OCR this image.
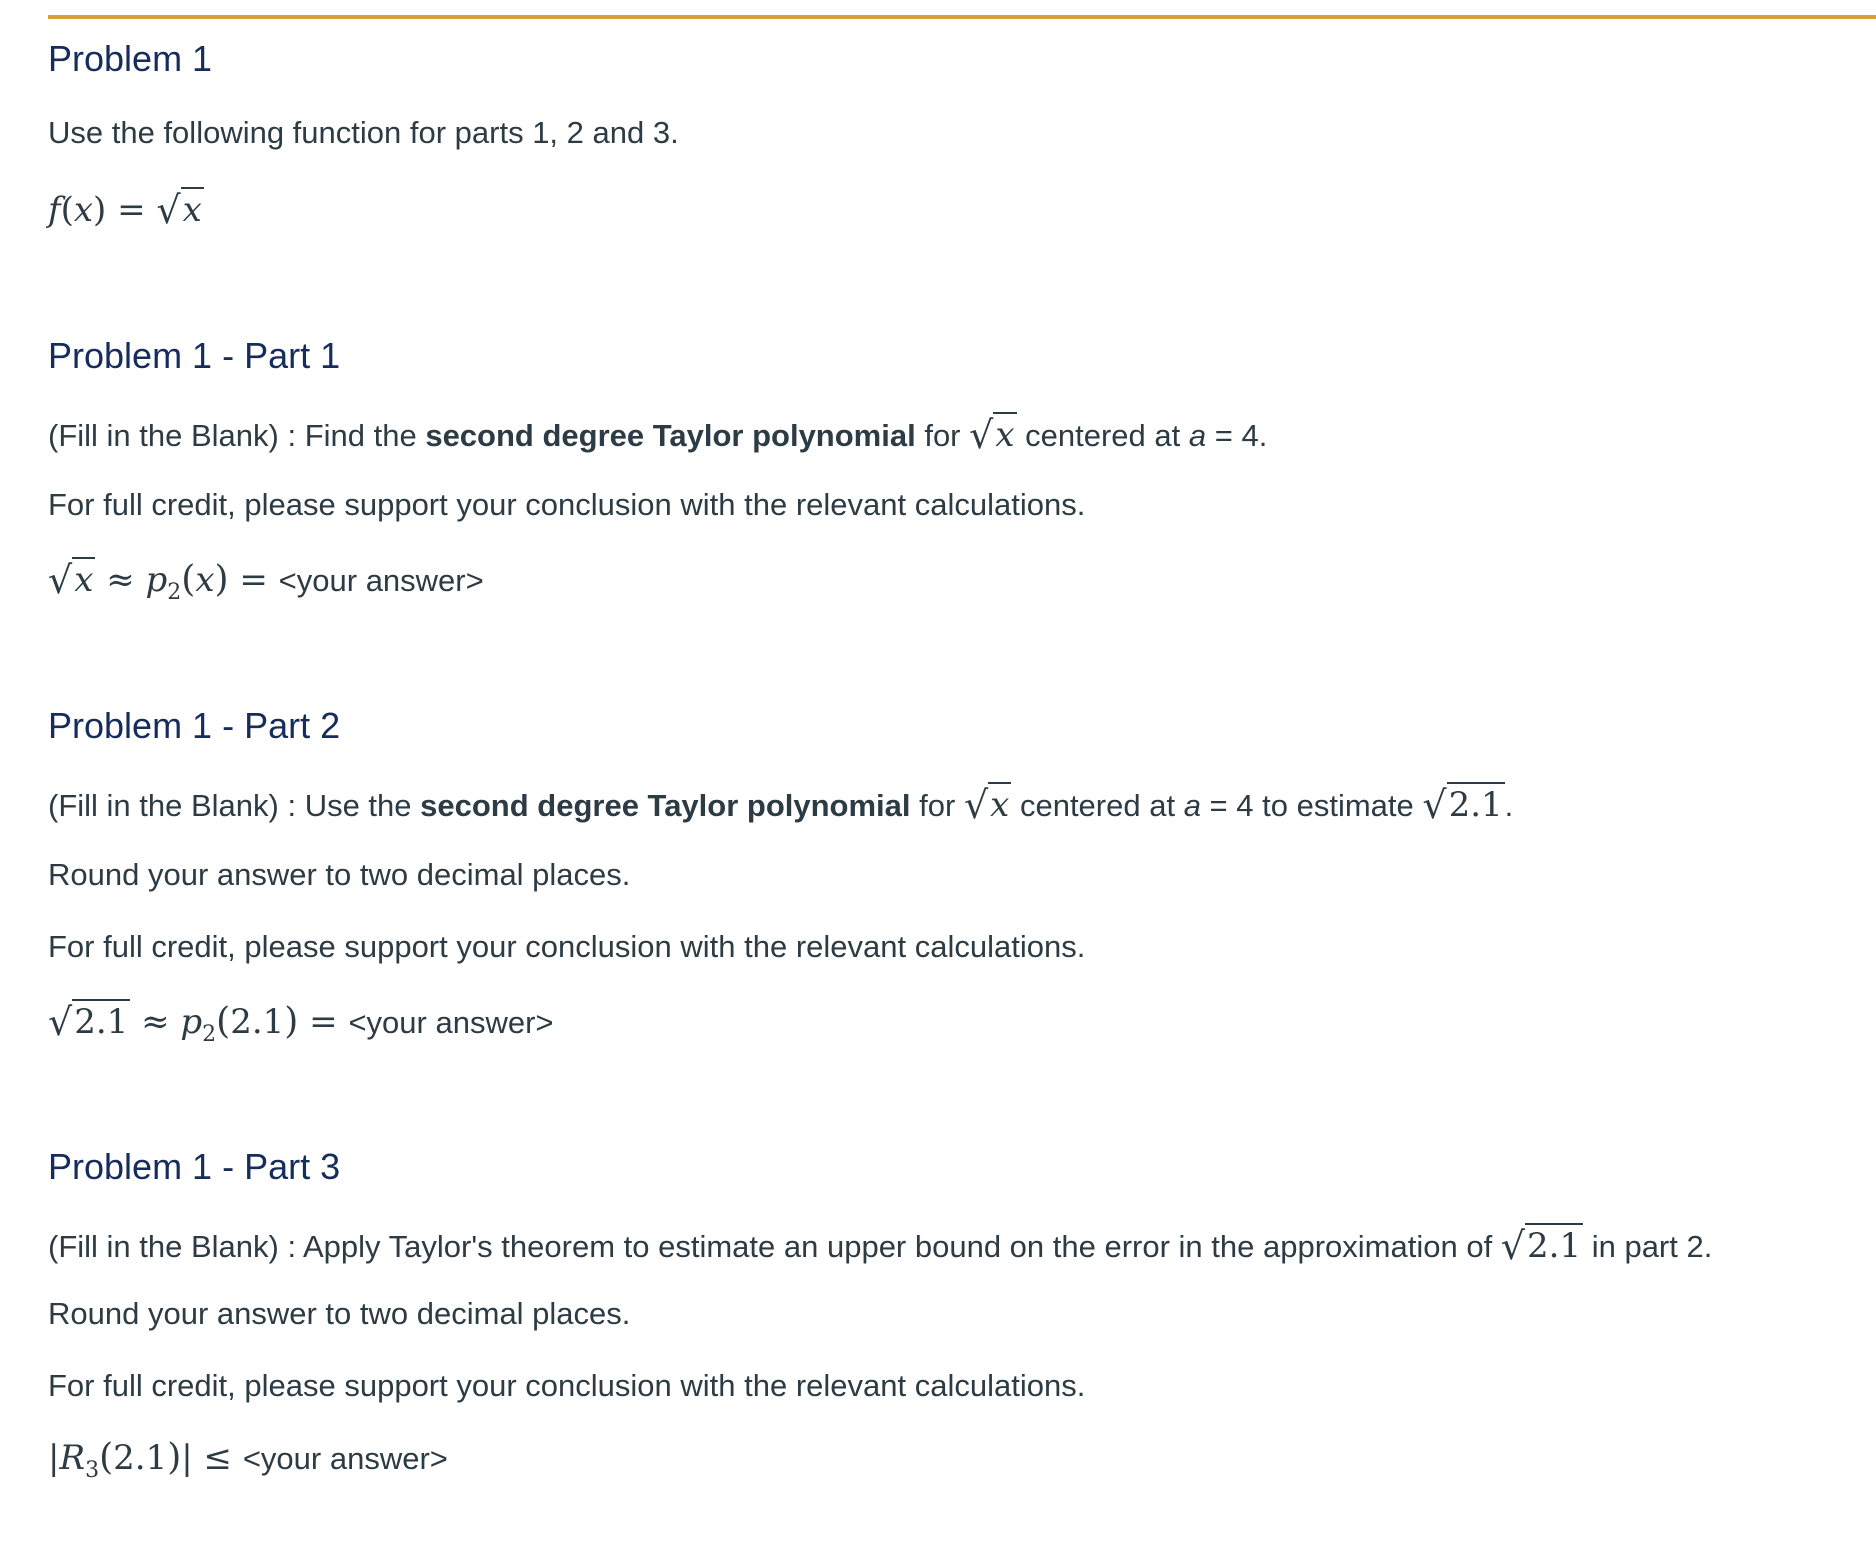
Problem 1
Use the following function for parts 1, 2 and 3.
f(x) = √x
Problem 1 - Part 1
(Fill in the Blank) : Find the second degree Taylor polynomial for √x centered at a = 4.
For full credit, please support your conclusion with the relevant calculations.
$√x \approx p_2(x)$ = <your answer>
Problem 1 - Part 2
(Fill in the Blank) : Use the second degree Taylor polynomial for √x centered at a = 4 to estimate √2.1.
Round your answer to two decimal places.
For full credit, please support your conclusion with the relevant calculations.
$√2.1 \approx p_2(2.1)$ = <your answer>
Problem 1 - Part 3
(Fill in the Blank) : Apply Taylor's theorem to estimate an upper bound on the error in the approximation of √2.1 in part 2.
Round your answer to two decimal places.
For full credit, please support your conclusion with the relevant calculations.
$|R_3(2.1)|$ ≤ <your answer>
